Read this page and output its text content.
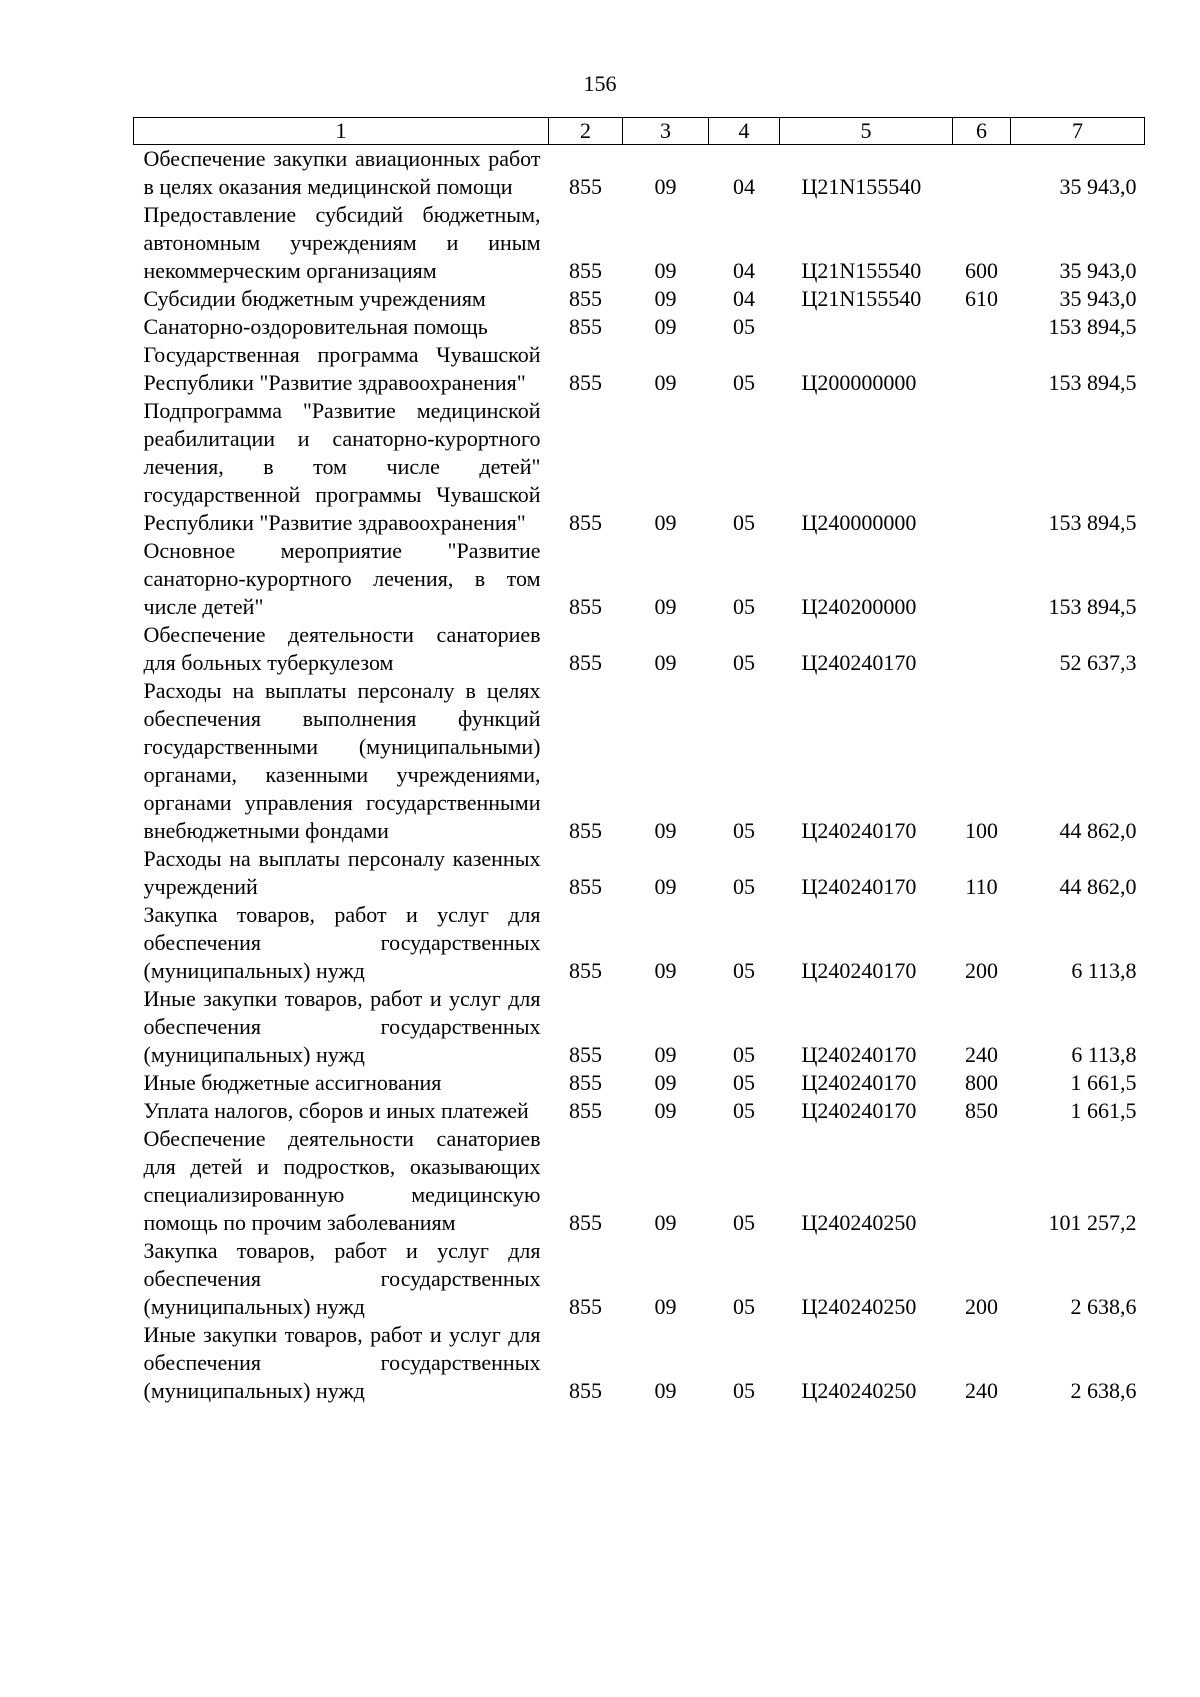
156
1	2	3	4	5	6	7
Обеспечение закупки авиационных работ в целях оказания медицинской помощи	855	09	04	Ц21N155540		35 943,0
Предоставление субсидий бюджетным, автономным учреждениям и иным некоммерческим организациям	855	09	04	Ц21N155540	600	35 943,0
Субсидии бюджетным учреждениям	855	09	04	Ц21N155540	610	35 943,0
Санаторно-оздоровительная помощь	855	09	05			153 894,5
Государственная программа Чувашской Республики "Развитие здравоохранения"	855	09	05	Ц200000000		153 894,5
Подпрограмма "Развитие медицинской реабилитации и санаторно-курортного лечения, в том числе детей" государственной программы Чувашской Республики "Развитие здравоохранения"	855	09	05	Ц240000000		153 894,5
Основное мероприятие "Развитие санаторно-курортного лечения, в том числе детей"	855	09	05	Ц240200000		153 894,5
Обеспечение деятельности санаториев для больных туберкулезом	855	09	05	Ц240240170		52 637,3
Расходы на выплаты персоналу в целях обеспечения выполнения функций государственными (муниципальными) органами, казенными учреждениями, органами управления государственными внебюджетными фондами	855	09	05	Ц240240170	100	44 862,0
Расходы на выплаты персоналу казенных учреждений	855	09	05	Ц240240170	110	44 862,0
Закупка товаров, работ и услуг для обеспечения государственных (муниципальных) нужд	855	09	05	Ц240240170	200	6 113,8
Иные закупки товаров, работ и услуг для обеспечения государственных (муниципальных) нужд	855	09	05	Ц240240170	240	6 113,8
Иные бюджетные ассигнования	855	09	05	Ц240240170	800	1 661,5
Уплата налогов, сборов и иных платежей	855	09	05	Ц240240170	850	1 661,5
Обеспечение деятельности санаториев для детей и подростков, оказывающих специализированную медицинскую помощь по прочим заболеваниям	855	09	05	Ц240240250		101 257,2
Закупка товаров, работ и услуг для обеспечения государственных (муниципальных) нужд	855	09	05	Ц240240250	200	2 638,6
Иные закупки товаров, работ и услуг для обеспечения государственных (муниципальных) нужд	855	09	05	Ц240240250	240	2 638,6
